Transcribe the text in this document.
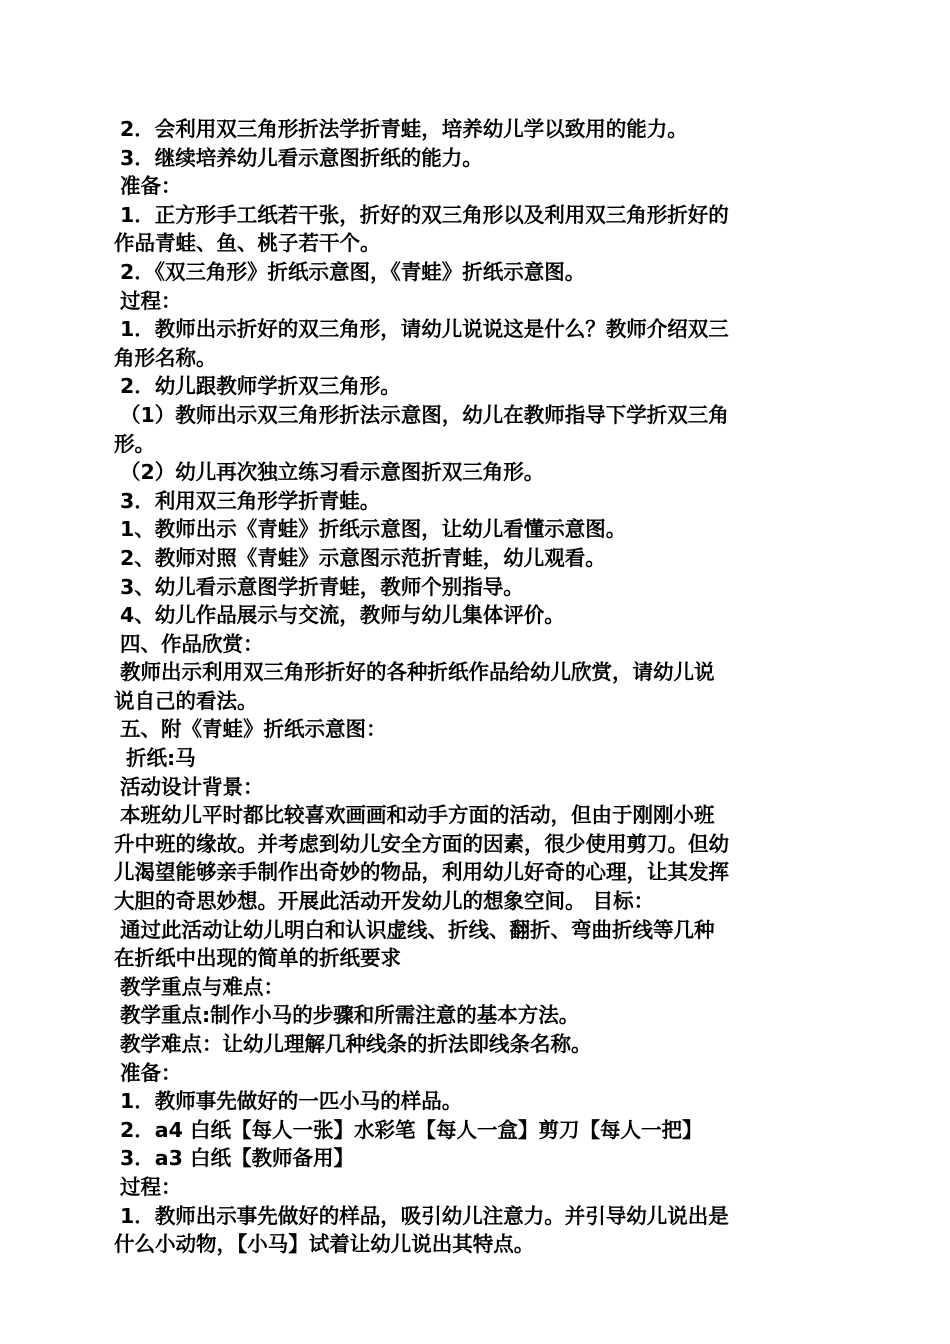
2．会利用双三角形折法学折青蛙，培养幼儿学以致用的能力。
3．继续培养幼儿看示意图折纸的能力。
准备：
1．正方形手工纸若干张，折好的双三角形以及利用双三角形折好的
作品青蛙、鱼、桃子若干个。
2．《双三角形》折纸示意图，《青蛙》折纸示意图。
过程：
1．教师出示折好的双三角形，请幼儿说说这是什么？教师介绍双三
角形名称。
2．幼儿跟教师学折双三角形。
（1）教师出示双三角形折法示意图，幼儿在教师指导下学折双三角
形。
（2）幼儿再次独立练习看示意图折双三角形。
3．利用双三角形学折青蛙。
1、教师出示《青蛙》折纸示意图，让幼儿看懂示意图。
2、教师对照《青蛙》示意图示范折青蛙，幼儿观看。
3、幼儿看示意图学折青蛙，教师个别指导。
4、幼儿作品展示与交流，教师与幼儿集体评价。
四、作品欣赏：
教师出示利用双三角形折好的各种折纸作品给幼儿欣赏，请幼儿说
说自己的看法。
五、附《青蛙》折纸示意图：
折纸:马
活动设计背景：
本班幼儿平时都比较喜欢画画和动手方面的活动，但由于刚刚小班
升中班的缘故。并考虑到幼儿安全方面的因素，很少使用剪刀。但幼
儿渴望能够亲手制作出奇妙的物品，利用幼儿好奇的心理，让其发挥
大胆的奇思妙想。开展此活动开发幼儿的想象空间。 目标：
通过此活动让幼儿明白和认识虚线、折线、翻折、弯曲折线等几种
在折纸中出现的简单的折纸要求
教学重点与难点：
教学重点:制作小马的步骤和所需注意的基本方法。
教学难点：让幼儿理解几种线条的折法即线条名称。
准备：
1．教师事先做好的一匹小马的样品。
2．a4 白纸【每人一张】水彩笔【每人一盒】剪刀【每人一把】
3．a3 白纸【教师备用】
过程：
1．教师出示事先做好的样品，吸引幼儿注意力。并引导幼儿说出是
什么小动物，【小马】试着让幼儿说出其特点。
